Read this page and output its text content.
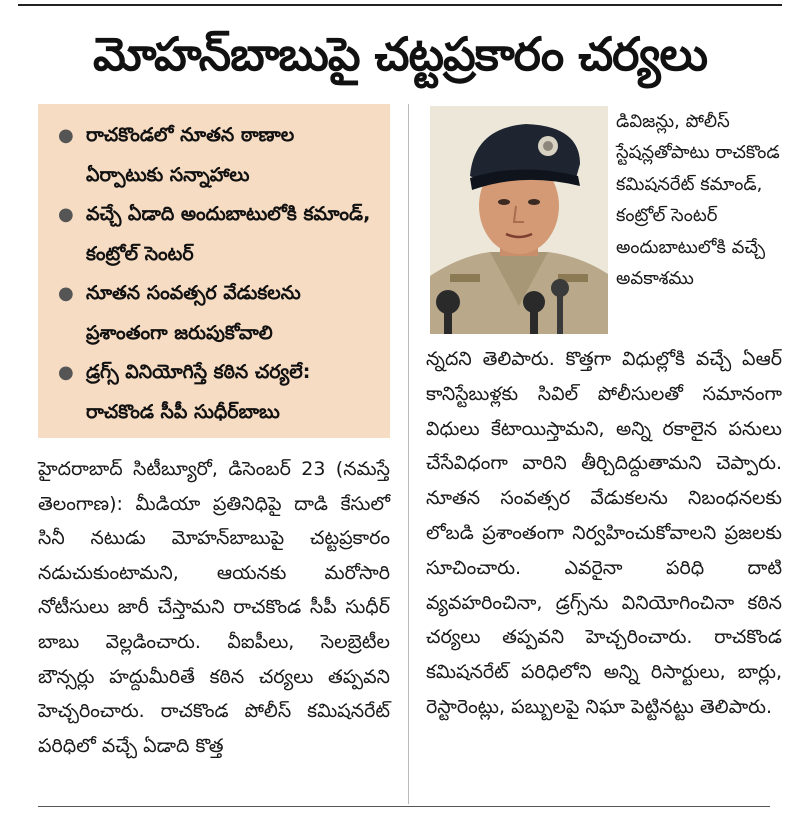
మోహన్‌బాబుపై చట్టప్రకారం చర్యలు
● రాచకొండలో నూతన ఠాణాల ఏర్పాటుకు సన్నాహాలు
● వచ్చే ఏడాది అందుబాటులోకి కమాండ్, కంట్రోల్ సెంటర్
● నూతన సంవత్సర వేడుకలను ప్రశాంతంగా జరుపుకోవాలి
● డ్రగ్స్ వినియోగిస్తే కఠిన చర్యలే: రాచకొండ సీపీ సుధీర్‌బాబు

హైదరాబాద్ సిటీబ్యూరో, డిసెంబర్ 23 (నమస్తే తెలంగాణ): మీడియా ప్రతినిధిపై దాడి కేసులో సినీ నటుడు మోహన్‌బాబుపై చట్టప్రకారం నడుచుకుంటామని, ఆయనకు మరోసారి నోటీసులు జారీ చేస్తామని రాచకొండ సీపీ సుధీర్ బాబు వెల్లడించారు. వీఐపీలు, సెలబ్రెటీల బౌన్సర్లు హద్దుమీరితే కఠిన చర్యలు తప్పవని హెచ్చరించారు. రాచకొండ పోలీస్ కమిషనరేట్ పరిధిలో వచ్చే ఏడాది కొత్త

డివిజన్లు, పోలీస్ స్టేషన్లతోపాటు రాచకొండ కమిషనరేట్ కమాండ్, కంట్రోల్ సెంటర్ అందుబాటులోకి వచ్చే అవకాశము

న్నదని తెలిపారు. కొత్తగా విధుల్లోకి వచ్చే ఏఆర్ కానిస్టేబుళ్లకు సివిల్ పోలీసులతో సమానంగా విధులు కేటాయిస్తామని, అన్ని రకాలైన పనులు చేసేవిధంగా వారిని తీర్చిదిద్దుతామని చెప్పారు. నూతన సంవత్సర వేడుకలను నిబంధనలకు లోబడి ప్రశాంతంగా నిర్వహించుకోవాలని ప్రజలకు సూచించారు. ఎవరైనా పరిధి దాటి వ్యవహరించినా, డ్రగ్స్‌ను వినియోగించినా కఠిన చర్యలు తప్పవని హెచ్చరించారు. రాచకొండ కమిషనరేట్ పరిధిలోని అన్ని రిసార్టులు, బార్లు, రెస్టారెంట్లు, పబ్బులపై నిఘా పెట్టినట్టు తెలిపారు.
